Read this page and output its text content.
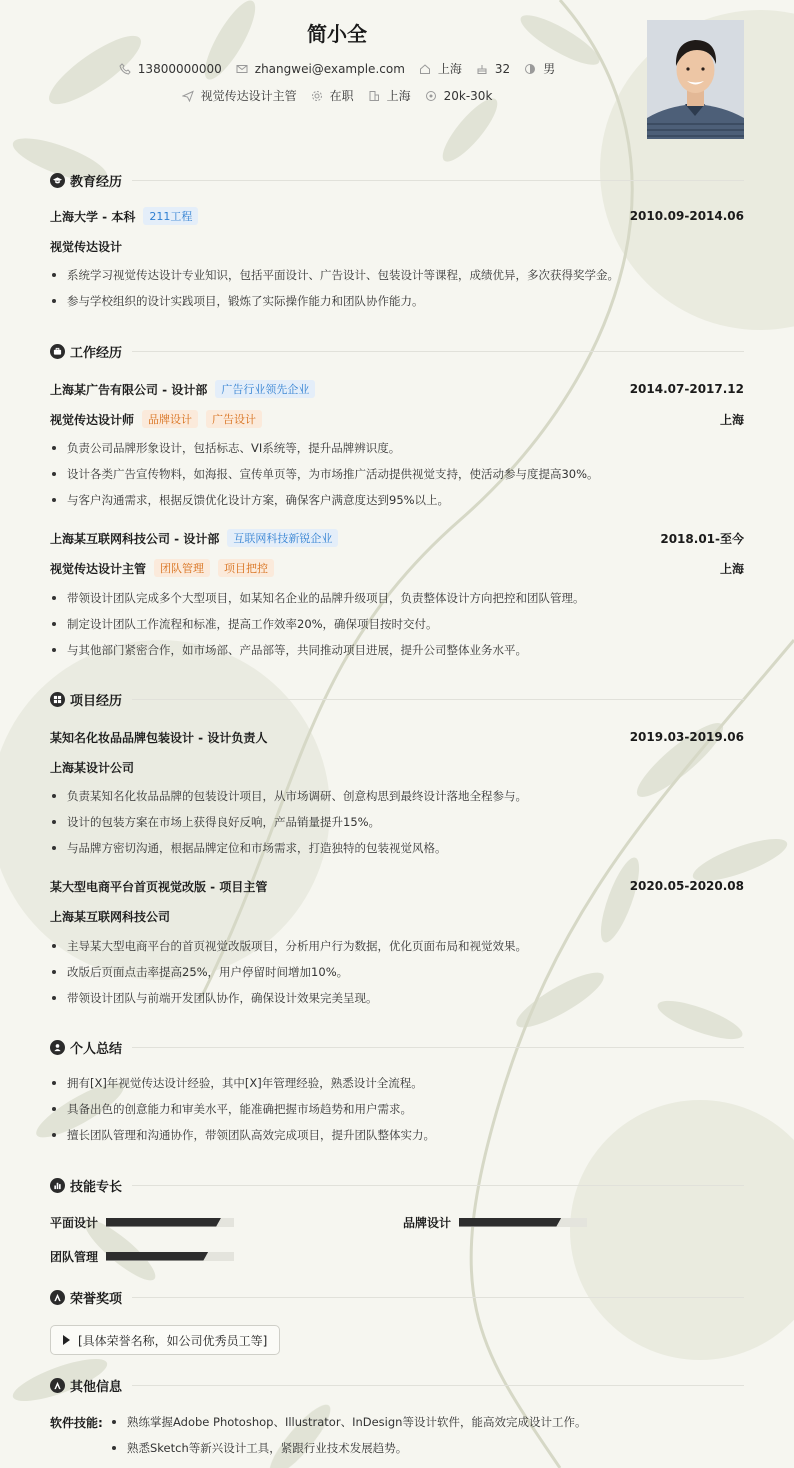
简小全
13800000000	zhangwei@example.com	上海	32	男
视觉传达设计主管	在职	上海	20k-30k
教育经历
上海大学 - 本科	211工程	2010.09-2014.06
视觉传达设计
系统学习视觉传达设计专业知识，包括平面设计、广告设计、包装设计等课程，成绩优异，多次获得奖学金。
参与学校组织的设计实践项目，锻炼了实际操作能力和团队协作能力。
工作经历
上海某广告有限公司 - 设计部	广告行业领先企业	2014.07-2017.12
视觉传达设计师	品牌设计	广告设计	上海
负责公司品牌形象设计，包括标志、VI系统等，提升品牌辨识度。
设计各类广告宣传物料，如海报、宣传单页等，为市场推广活动提供视觉支持，使活动参与度提高30%。
与客户沟通需求，根据反馈优化设计方案，确保客户满意度达到95%以上。
上海某互联网科技公司 - 设计部	互联网科技新锐企业	2018.01-至今
视觉传达设计主管	团队管理	项目把控	上海
带领设计团队完成多个大型项目，如某知名企业的品牌升级项目，负责整体设计方向把控和团队管理。
制定设计团队工作流程和标准，提高工作效率20%，确保项目按时交付。
与其他部门紧密合作，如市场部、产品部等，共同推动项目进展，提升公司整体业务水平。
项目经历
某知名化妆品品牌包装设计 - 设计负责人	2019.03-2019.06
上海某设计公司
负责某知名化妆品品牌的包装设计项目，从市场调研、创意构思到最终设计落地全程参与。
设计的包装方案在市场上获得良好反响，产品销量提升15%。
与品牌方密切沟通，根据品牌定位和市场需求，打造独特的包装视觉风格。
某大型电商平台首页视觉改版 - 项目主管	2020.05-2020.08
上海某互联网科技公司
主导某大型电商平台的首页视觉改版项目，分析用户行为数据，优化页面布局和视觉效果。
改版后页面点击率提高25%，用户停留时间增加10%。
带领设计团队与前端开发团队协作，确保设计效果完美呈现。
个人总结
拥有[X]年视觉传达设计经验，其中[X]年管理经验，熟悉设计全流程。
具备出色的创意能力和审美水平，能准确把握市场趋势和用户需求。
擅长团队管理和沟通协作，带领团队高效完成项目，提升团队整体实力。
技能专长
平面设计	品牌设计
团队管理
荣誉奖项
[具体荣誉名称，如公司优秀员工等]
其他信息
软件技能:	熟练掌握Adobe Photoshop、Illustrator、InDesign等设计软件，能高效完成设计工作。
熟悉Sketch等新兴设计工具，紧跟行业技术发展趋势。
